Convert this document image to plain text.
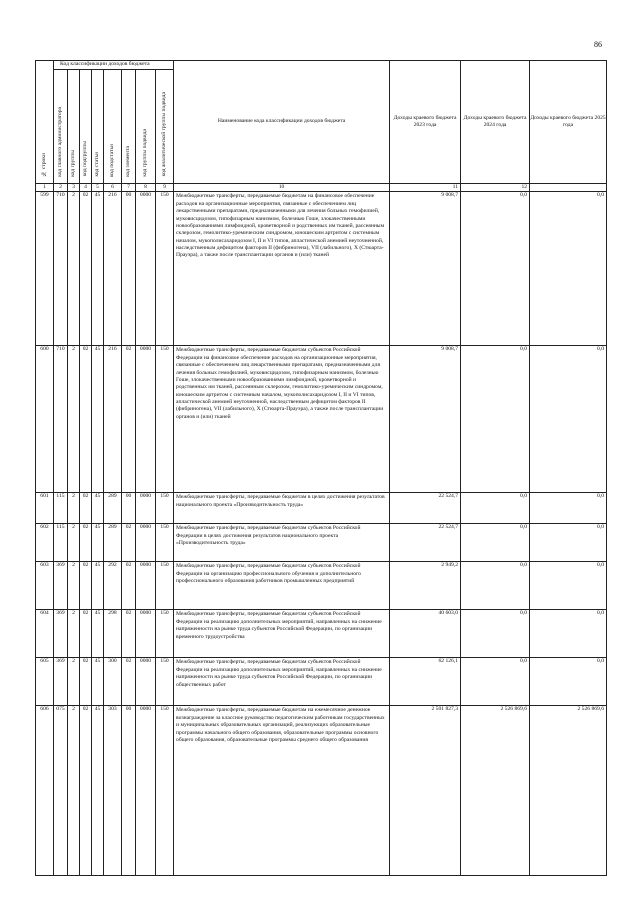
86
№ строки	Код классификации доходов бюджета								Наименование кода классификации доходов бюджета	Доходы краевого бюджета 2023 года	Доходы краевого бюджета 2024 года	Доходы краевого бюджета 2025 года
	код главного администратора	код группы	код подгруппы	код статьи	код подстатьи	код элемента	код группы подвида	код аналитической группы подвида				
1	2	3	4	5	6	7	8	9	10	11	12	
599	710	2	02	45	216	00	0000	150	Межбюджетные трансферты, передаваемые бюджетам на финансовое обеспечение расходов на организационные мероприятия, связанные с обеспечением лиц лекарственными препаратами, предназначенными для лечения больных гемофилией, муковисцидозом, гипофизарным нанизмом, болезнью Гоше, злокачественными новообразованиями лимфоидной, кроветворной и родственных им тканей, рассеянным склерозом, гемолитико-уремическим синдромом, юношеским артритом с системным началом, мукополисахаридозом I, II и VI типов, апластической анемией неуточненной, наследственным дефицитом факторов II (фибриногена), VII (лабильного), X (Стюарта-Прауэра), а также после трансплантации органов и (или) тканей	9 008,7	0,0	0,0
600	710	2	02	45	216	02	0000	150	Межбюджетные трансферты, передаваемые бюджетам субъектов Российской Федерации на финансовое обеспечение расходов на организационные мероприятия, связанные с обеспечением лиц лекарственными препаратами, предназначенными для лечения больных гемофилией, муковисцидозом, гипофизарным нанизмом, болезнью Гоше, злокачественными новообразованиями лимфоидной, кроветворной и родственных им тканей, рассеянным склерозом, гемолитико-уремическим синдромом, юношеским артритом с системным началом, мукополисахаридозом I, II и VI типов, апластической анемией неуточненной, наследственным дефицитом факторов II (фибриногена), VII (лабильного), X (Стюарта-Прауэра), а также после трансплантации органов и (или) тканей	9 008,7	0,0	0,0
601	115	2	02	45	289	00	0000	150	Межбюджетные трансферты, передаваемые бюджетам в целях достижения результатов национального проекта «Производительность труда»	22 524,7	0,0	0,0
602	115	2	02	45	289	02	0000	150	Межбюджетные трансферты, передаваемые бюджетам субъектов Российской Федерации в целях достижения результатов национального проекта «Производительность труда»	22 524,7	0,0	0,0
603	369	2	02	45	292	02	0000	150	Межбюджетные трансферты, передаваемые бюджетам субъектов Российской Федерации на организацию профессионального обучения и дополнительного профессионального образования работников промышленных предприятий	2 949,2	0,0	0,0
604	369	2	02	45	298	02	0000	150	Межбюджетные трансферты, передаваемые бюджетам субъектов Российской Федерации на реализацию дополнительных мероприятий, направленных на снижение напряженности на рынке труда субъектов Российской Федерации, по организации временного трудоустройства	40 603,0	0,0	0,0
605	369	2	02	45	300	02	0000	150	Межбюджетные трансферты, передаваемые бюджетам субъектов Российской Федерации на реализацию дополнительных мероприятий, направленных на снижение напряженности на рынке труда субъектов Российской Федерации, по организации общественных работ	62 126,1	0,0	0,0
606	075	2	02	45	303	00	0000	150	Межбюджетные трансферты, передаваемые бюджетам на ежемесячное денежное вознаграждение за классное руководство педагогическим работникам государственных и муниципальных образовательных организаций, реализующих образовательные программы начального общего образования, образовательные программы основного общего образования, образовательные программы среднего общего образования	2 501 827,3	2 526 869,6	2 526 869,6
